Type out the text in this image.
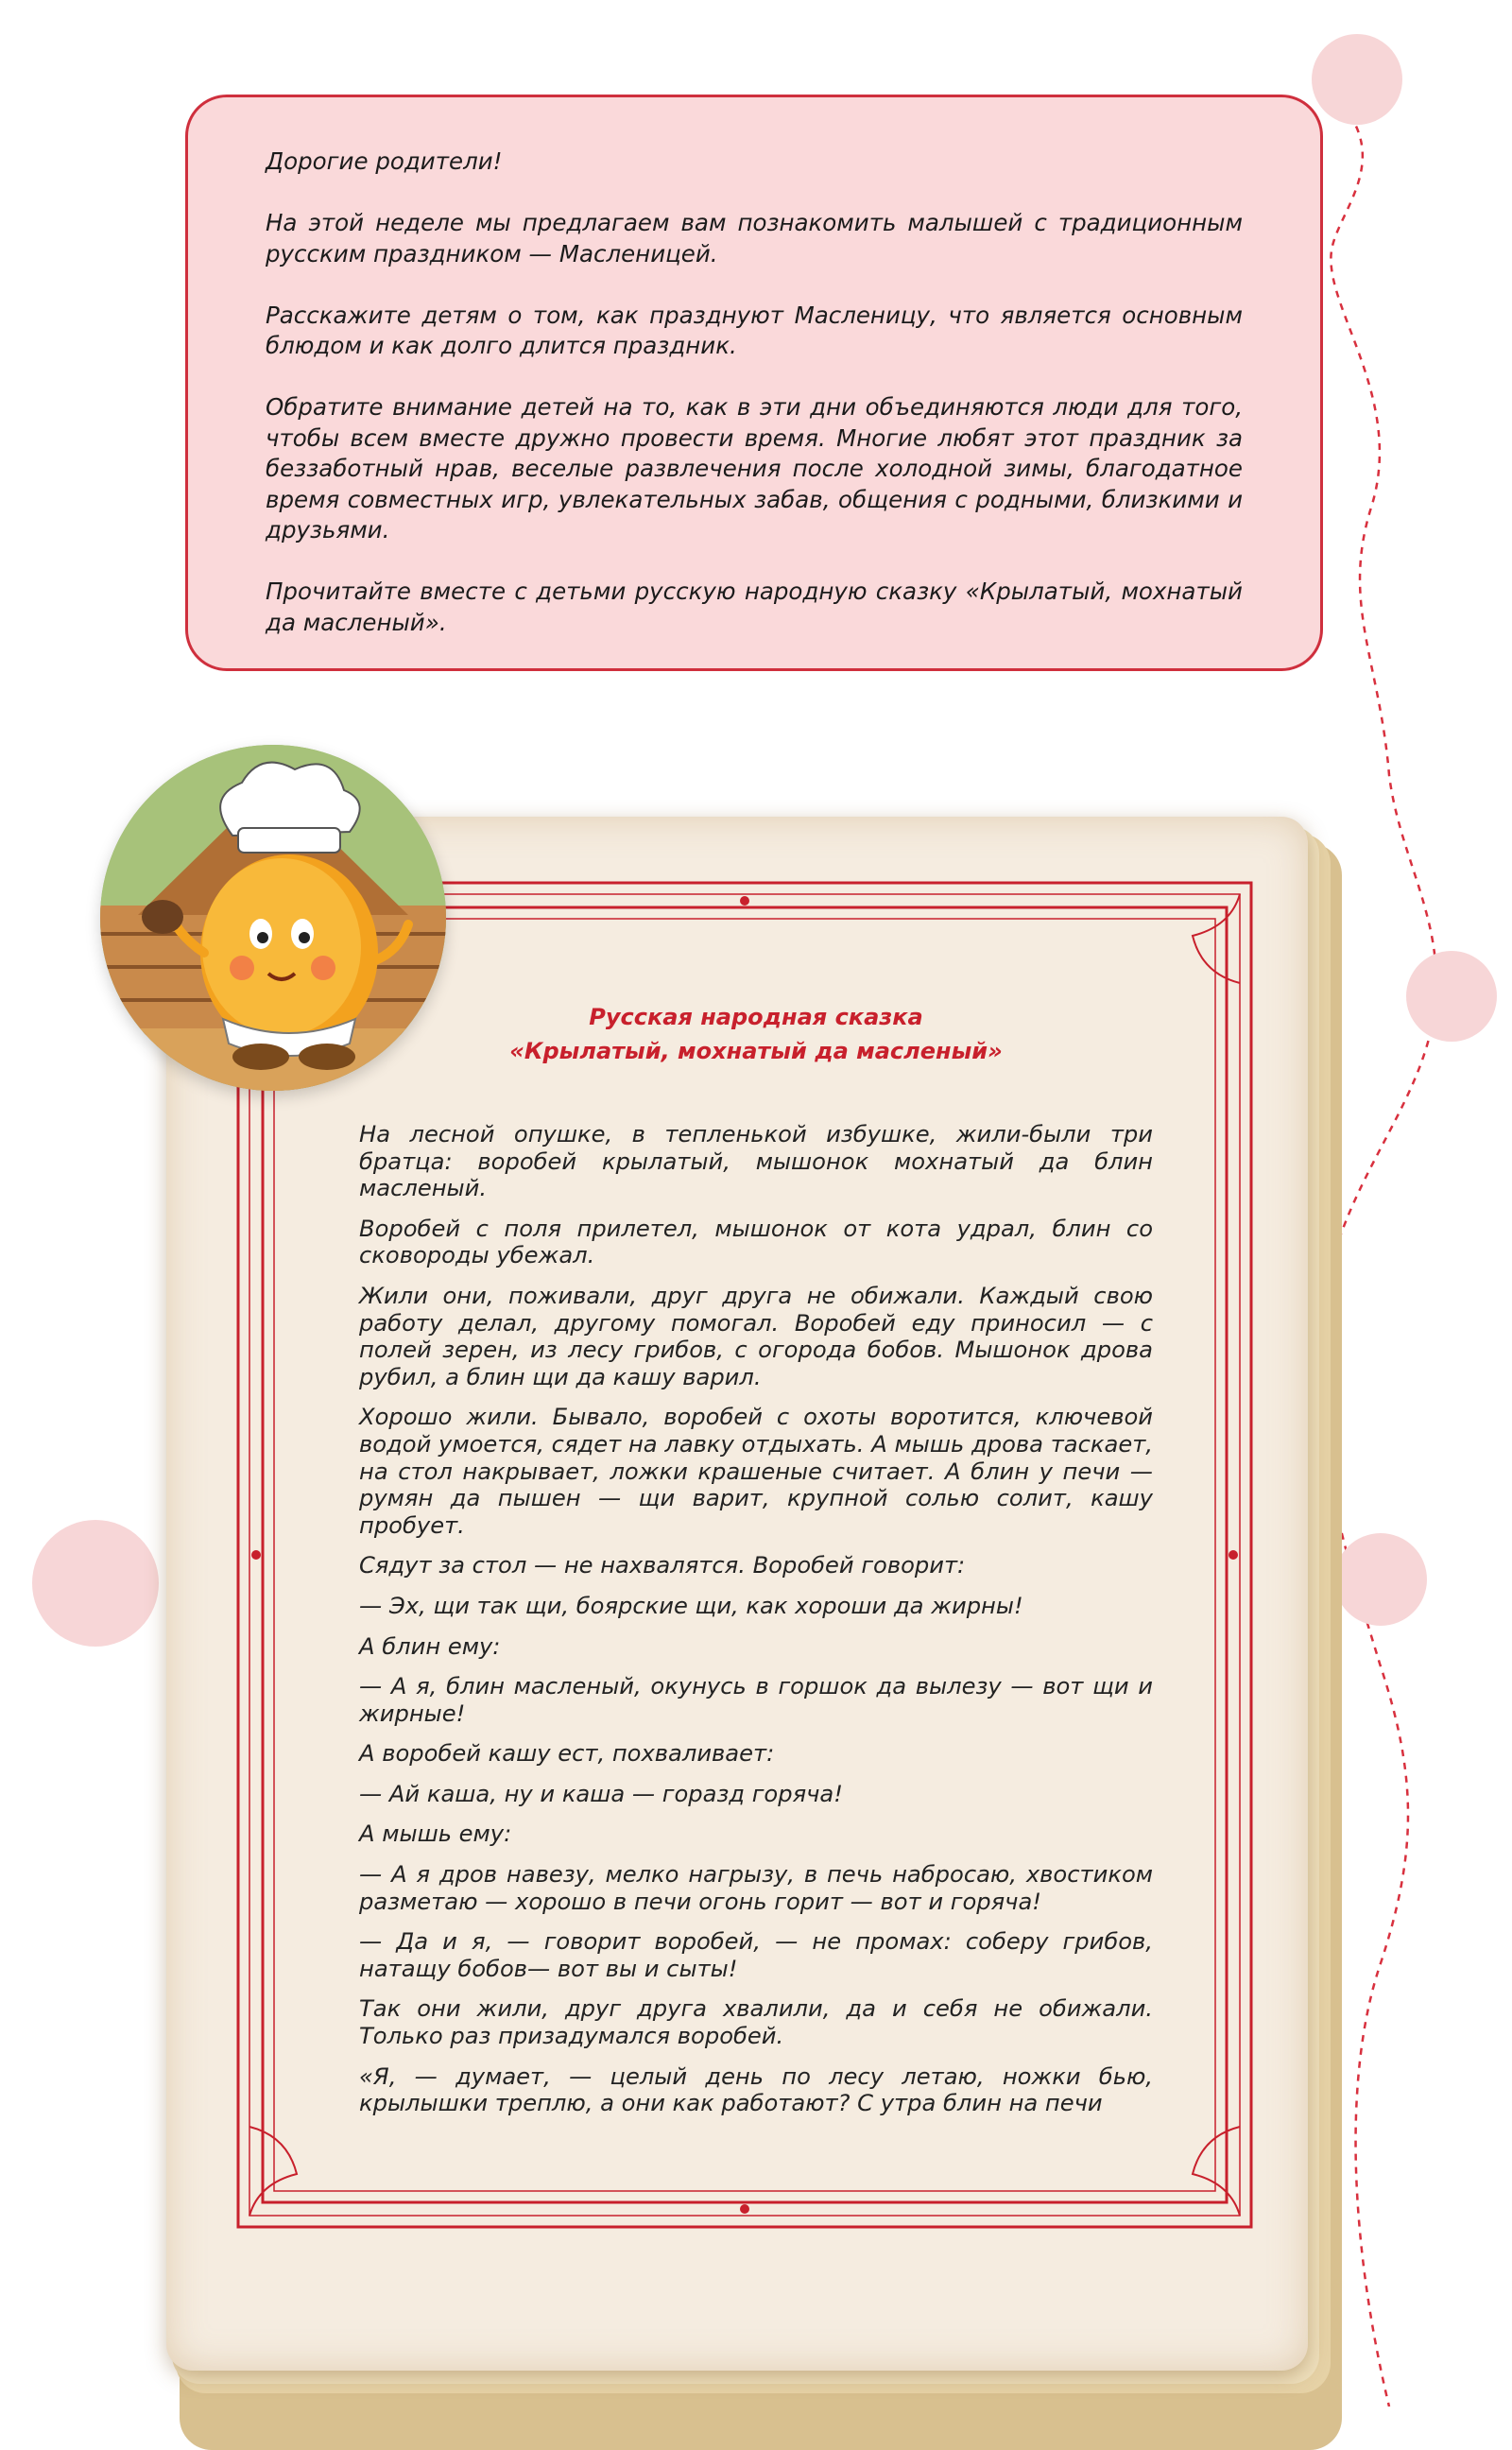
Дорогие родители!

На этой неделе мы предлагаем вам познакомить малышей с традиционным русским праздником — Масленицей.

Расскажите детям о том, как празднуют Масленицу, что является основным блюдом и как долго длится праздник.

Обратите внимание детей на то, как в эти дни объединяются люди для того, чтобы всем вместе дружно провести время. Многие любят этот праздник за беззаботный нрав, веселые развлечения после холодной зимы, благодатное время совместных игр, увлекательных забав, общения с родными, близкими и друзьями.

Прочитайте вместе с детьми русскую народную сказку «Крылатый, мохнатый да масленый».

Русская народная сказка
«Крылатый, мохнатый да масленый»

На лесной опушке, в тепленькой избушке, жили-были три братца: воробей крылатый, мышонок мохнатый да блин масленый.

Воробей с поля прилетел, мышонок от кота удрал, блин со сковороды убежал.

Жили они, поживали, друг друга не обижали. Каждый свою работу делал, другому помогал. Воробей еду приносил — с полей зерен, из лесу грибов, с огорода бобов. Мышонок дрова рубил, а блин щи да кашу варил.

Хорошо жили. Бывало, воробей с охоты воротится, ключевой водой умоется, сядет на лавку отдыхать. А мышь дрова таскает, на стол накрывает, ложки крашеные считает. А блин у печи — румян да пышен — щи варит, крупной солью солит, кашу пробует.

Сядут за стол — не нахвалятся. Воробей говорит:

— Эх, щи так щи, боярские щи, как хороши да жирны!

А блин ему:

— А я, блин масленый, окунусь в горшок да вылезу — вот щи и жирные!

А воробей кашу ест, похваливает:

— Ай каша, ну и каша — горазд горяча!

А мышь ему:

— А я дров навезу, мелко нагрызу, в печь набросаю, хвостиком разметаю — хорошо в печи огонь горит — вот и горяча!

— Да и я, — говорит воробей, — не промах: соберу грибов, натащу бобов— вот вы и сыты!

Так они жили, друг друга хвалили, да и себя не обижали. Только раз призадумался воробей.

«Я, — думает, — целый день по лесу летаю, ножки бью, крылышки треплю, а они как работают? С утра блин на печи
